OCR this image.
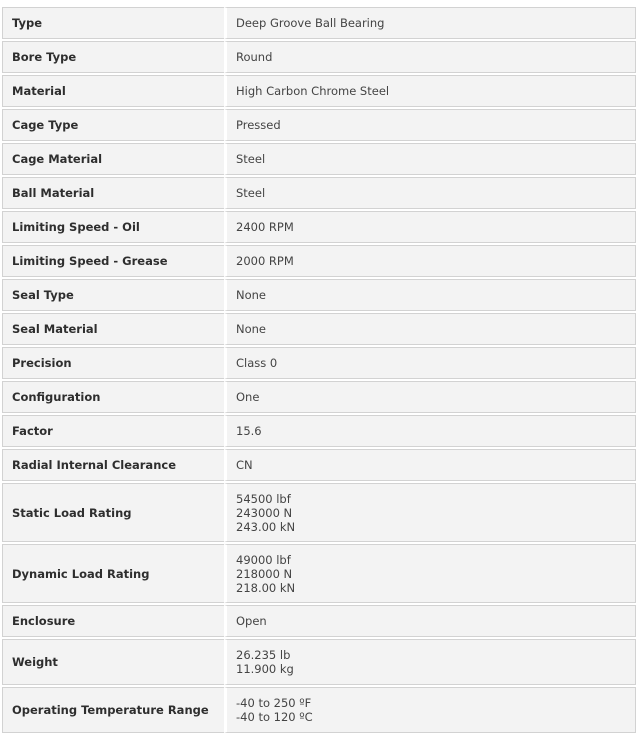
Type	Deep Groove Ball Bearing

Bore Type	Round

Material	High Carbon Chrome Steel

Cage Type	Pressed

Cage Material	Steel

Ball Material	Steel

Limiting Speed - Oil	2400 RPM

Limiting Speed - Grease	2000 RPM

Seal Type	None

Seal Material	None

Precision	Class 0

Configuration	One

Factor	15.6

Radial Internal Clearance	CN

Static Load Rating	54500 lbf
243000 N
243.00 kN

Dynamic Load Rating	49000 lbf
218000 N
218.00 kN

Enclosure	Open

Weight	26.235 lb
11.900 kg

Operating Temperature Range	-40 to 250 ºF
-40 to 120 ºC
